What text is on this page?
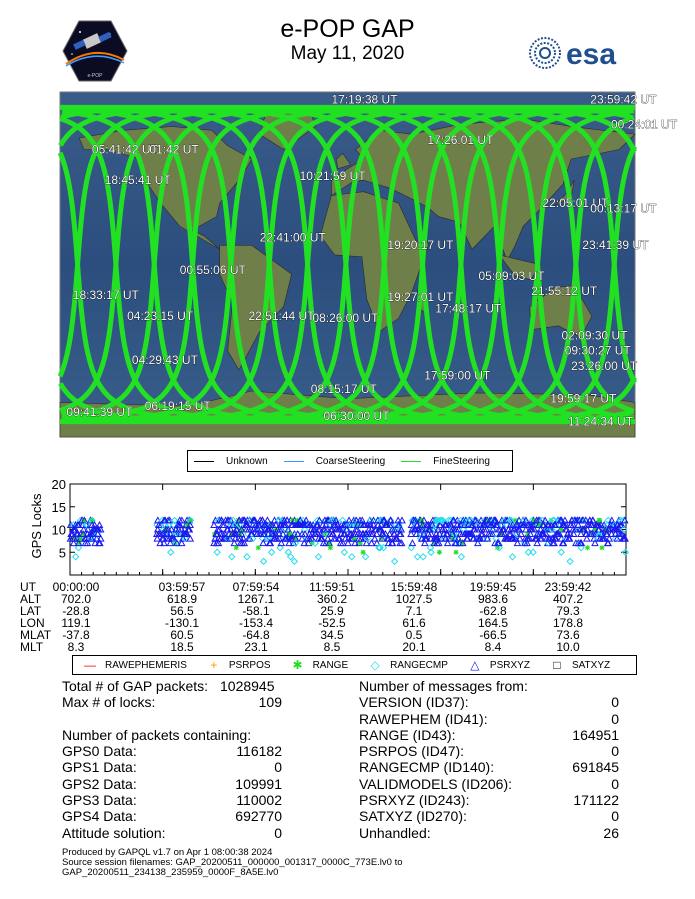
e-POP GAP
May 11, 2020
e-POP
esa
17:19:38 UT	23:59:42 UT
00:24:01 UT
17:26:01 UT
05:41:42 UT
01:42 UT
18:45:41 UT	10:21:59 UT
22:05:01 UT
00:13:17 UT
22:41:00 UT
19:20:17 UT	23:41:39 UT
00:55:06 UT	05:09:03 UT
18:33:17 UT	21:55:12 UT
19:27:01 UT
17:48:17 UT
04:23:15 UT	22:51:44 UT
08:26:00 UT
02:09:30 UT
09:30:27 UT
04:29:43 UT	23:26:00 UT
17:59:00 UT
08:15:17 UT
19:59:17 UT
06:19:15 UT
09:41:39 UT	06:30:00 UT	11:24:34 UT
Unknown	CoarseSteering	FineSteering
GPS Locks 5
10
15
20
UT	00:00:00	03:59:57	07:59:54	11:59:51	15:59:48	19:59:45	23:59:42
ALT	702.0	618.9	1267.1	360.2	1027.5	983.6	407.2
LAT	-28.8	56.5	-58.1	25.9	7.1	-62.8	79.3
LON	119.1	-130.1	-153.4	-52.5	61.6	164.5	178.8
MLAT -37.8	60.5	-64.8	34.5	0.5	-66.5	73.6
MLT	8.3	18.5	23.1	8.5	20.1	8.4	10.0
— RAWEPHEMERIS	+	PSRPOS	✱ RANGE	◇	RANGECMP	△	PSRXYZ	□	SATXYZ
Total # of GAP packets: 1028945
Max # of locks:	109
Number of packets containing:
GPS0 Data:	116182
GPS1 Data:	0
GPS2 Data:	109991
GPS3 Data:	110002
GPS4 Data:	692770
Attitude solution:	0
Number of messages from:
VERSION (ID37):	0
RAWEPHEM (ID41):	0
RANGE (ID43):	164951
PSRPOS (ID47):	0
RANGECMP (ID140):	691845
VALIDMODELS (ID206):	0
PSRXYZ (ID243):	171122
SATXYZ (ID270):	0
Unhandled:	26
Produced by GAPQL v1.7 on Apr 1 08:00:38 2024
Source session filenames: GAP_20200511_000000_001317_0000C_773E.lv0 to
GAP_20200511_234138_235959_0000F_8A5E.lv0
